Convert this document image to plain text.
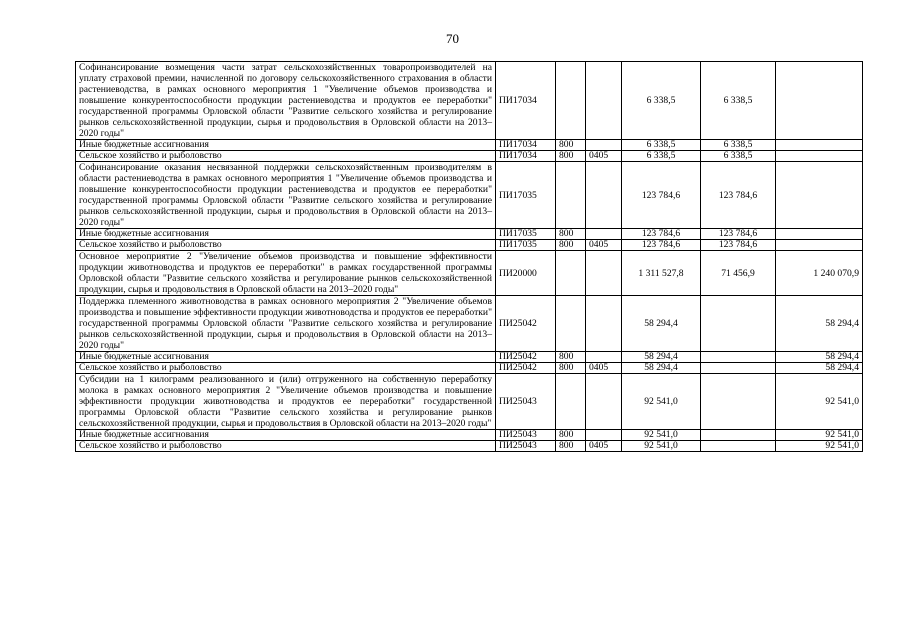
70
Софинансирование возмещения части затрат сельскохозяйственных товаропроизводителей на уплату страховой премии, начисленной по договору сельскохозяйственного страхования в области растениеводства, в рамках основного мероприятия 1 "Увеличение объемов производства и повышение конкурентоспособности продукции растениеводства и продуктов ее переработки" государственной программы Орловской области "Развитие сельского хозяйства и регулирование рынков сельскохозяйственной продукции, сырья и продовольствия в Орловской области на 2013–2020 годы"	ПИ17034			6 338,5	6 338,5	
Иные бюджетные ассигнования	ПИ17034	800		6 338,5	6 338,5	
Сельское хозяйство и рыболовство	ПИ17034	800	0405	6 338,5	6 338,5	
Софинансирование оказания несвязанной поддержки сельскохозяйственным производителям в области растениеводства в рамках основного мероприятия 1 "Увеличение объемов производства и повышение конкурентоспособности продукции растениеводства и продуктов ее переработки" государственной программы Орловской области "Развитие сельского хозяйства и регулирование рынков сельскохозяйственной продукции, сырья и продовольствия в Орловской области на 2013–2020 годы"	ПИ17035			123 784,6	123 784,6	
Иные бюджетные ассигнования	ПИ17035	800		123 784,6	123 784,6	
Сельское хозяйство и рыболовство	ПИ17035	800	0405	123 784,6	123 784,6	
Основное мероприятие 2 "Увеличение объемов производства и повышение эффективности продукции животноводства и продуктов ее переработки" в рамках государственной программы Орловской области "Развитие сельского хозяйства и регулирование рынков сельскохозяйственной продукции, сырья и продовольствия в Орловской области на 2013–2020 годы"	ПИ20000			1 311 527,8	71 456,9	1 240 070,9
Поддержка племенного животноводства в рамках основного мероприятия 2 "Увеличение объемов производства и повышение эффективности продукции животноводства и продуктов ее переработки" государственной программы Орловской области "Развитие сельского хозяйства и регулирование рынков сельскохозяйственной продукции, сырья и продовольствия в Орловской области на 2013–2020 годы"	ПИ25042			58 294,4		58 294,4
Иные бюджетные ассигнования	ПИ25042	800		58 294,4		58 294,4
Сельское хозяйство и рыболовство	ПИ25042	800	0405	58 294,4		58 294,4
Субсидии на 1 килограмм реализованного и (или) отгруженного на собственную переработку молока в рамках основного мероприятия 2 "Увеличение объемов производства и повышение эффективности продукции животноводства и продуктов ее переработки" государственной программы Орловской области "Развитие сельского хозяйства и регулирование рынков сельскохозяйственной продукции, сырья и продовольствия в Орловской области на 2013–2020 годы"	ПИ25043			92 541,0		92 541,0
Иные бюджетные ассигнования	ПИ25043	800		92 541,0		92 541,0
Сельское хозяйство и рыболовство	ПИ25043	800	0405	92 541,0		92 541,0
